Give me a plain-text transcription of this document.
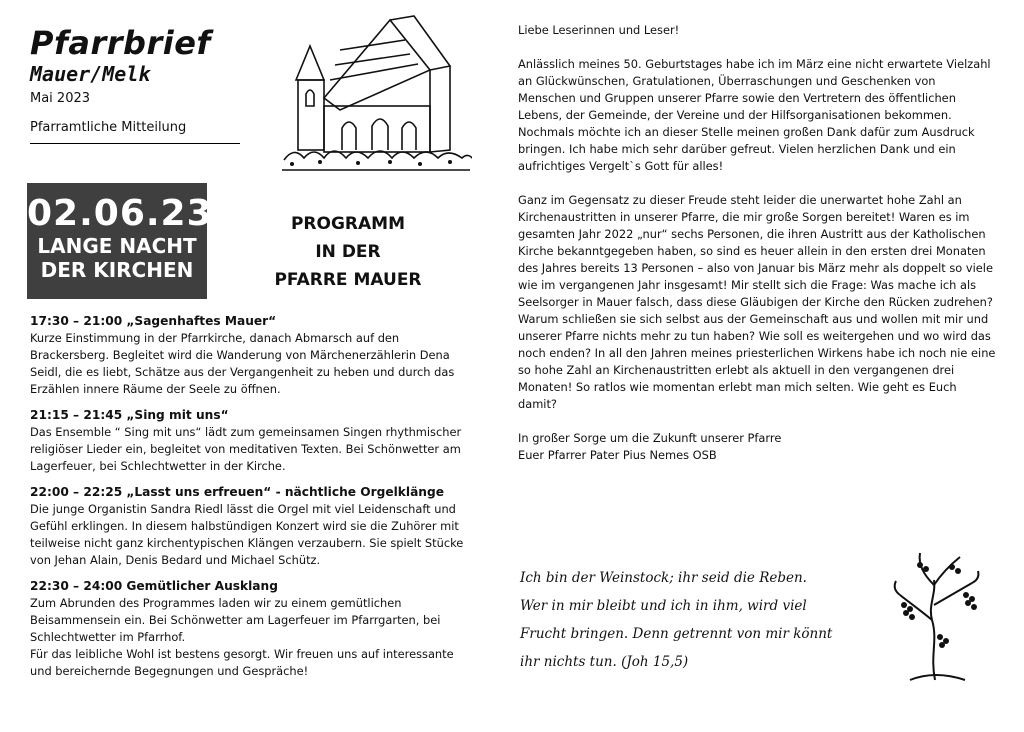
Pfarrbrief
Mauer/Melk
Mai 2023
Pfarramtliche Mitteilung
02.06.23
LANGE NACHT
DER KIRCHEN
PROGRAMM
IN DER
PFARRE MAUER
17:30 – 21:00 „Sagenhaftes Mauer“

Kurze Einstimmung in der Pfarrkirche, danach Abmarsch auf den Brackersberg. Begleitet wird die Wanderung von Märchenerzählerin Dena Seidl, die es liebt, Schätze aus der Vergangenheit zu heben und durch das Erzählen innere Räume der Seele zu öffnen.

21:15 – 21:45 „Sing mit uns“

Das Ensemble “ Sing mit uns“ lädt zum gemeinsamen Singen rhythmischer religiöser Lieder ein, begleitet von meditativen Texten. Bei Schönwetter am Lagerfeuer, bei Schlechtwetter in der Kirche.

22:00 – 22:25 „Lasst uns erfreuen“ - nächtliche Orgelklänge

Die junge Organistin Sandra Riedl lässt die Orgel mit viel Leidenschaft und Gefühl erklingen. In diesem halbstündigen Konzert wird sie die Zuhörer mit teilweise nicht ganz kirchentypischen Klängen verzaubern. Sie spielt Stücke von Jehan Alain, Denis Bedard und Michael Schütz.

22:30 – 24:00 Gemütlicher Ausklang

Zum Abrunden des Programmes laden wir zu einem gemütlichen Beisammensein ein. Bei Schönwetter am Lagerfeuer im Pfarrgarten, bei Schlechtwetter im Pfarrhof.

Für das leibliche Wohl ist bestens gesorgt. Wir freuen uns auf interessante und bereichernde Begegnungen und Gespräche!

Liebe Leserinnen und Leser!

Anlässlich meines 50. Geburtstages habe ich im März eine nicht erwartete Vielzahl an Glückwünschen, Gratulationen, Überraschungen und Geschenken von Menschen und Gruppen unserer Pfarre sowie den Vertretern des öffentlichen Lebens, der Gemeinde, der Vereine und der Hilfsorganisationen bekommen. Nochmals möchte ich an dieser Stelle meinen großen Dank dafür zum Ausdruck bringen. Ich habe mich sehr darüber gefreut. Vielen herzlichen Dank und ein aufrichtiges Vergelt`s Gott für alles!

Ganz im Gegensatz zu dieser Freude steht leider die unerwartet hohe Zahl an Kirchenaustritten in unserer Pfarre, die mir große Sorgen bereitet! Waren es im gesamten Jahr 2022 „nur“ sechs Personen, die ihren Austritt aus der Katholischen Kirche bekanntgegeben haben, so sind es heuer allein in den ersten drei Monaten des Jahres bereits 13 Personen – also von Januar bis März mehr als doppelt so viele wie im vergangenen Jahr insgesamt! Mir stellt sich die Frage: Was mache ich als Seelsorger in Mauer falsch, dass diese Gläubigen der Kirche den Rücken zudrehen? Warum schließen sie sich selbst aus der Gemeinschaft aus und wollen mit mir und unserer Pfarre nichts mehr zu tun haben? Wie soll es weitergehen und wo wird das noch enden? In all den Jahren meines priesterlichen Wirkens habe ich noch nie eine so hohe Zahl an Kirchenaustritten erlebt als aktuell in den vergangenen drei Monaten! So ratlos wie momentan erlebt man mich selten. Wie geht es Euch damit?

In großer Sorge um die Zukunft unserer Pfarre

Euer Pfarrer Pater Pius Nemes OSB

Ich bin der Weinstock; ihr seid die Reben.
Wer in mir bleibt und ich in ihm, wird viel
Frucht bringen. Denn getrennt von mir könnt
ihr nichts tun. (Joh 15,5)
